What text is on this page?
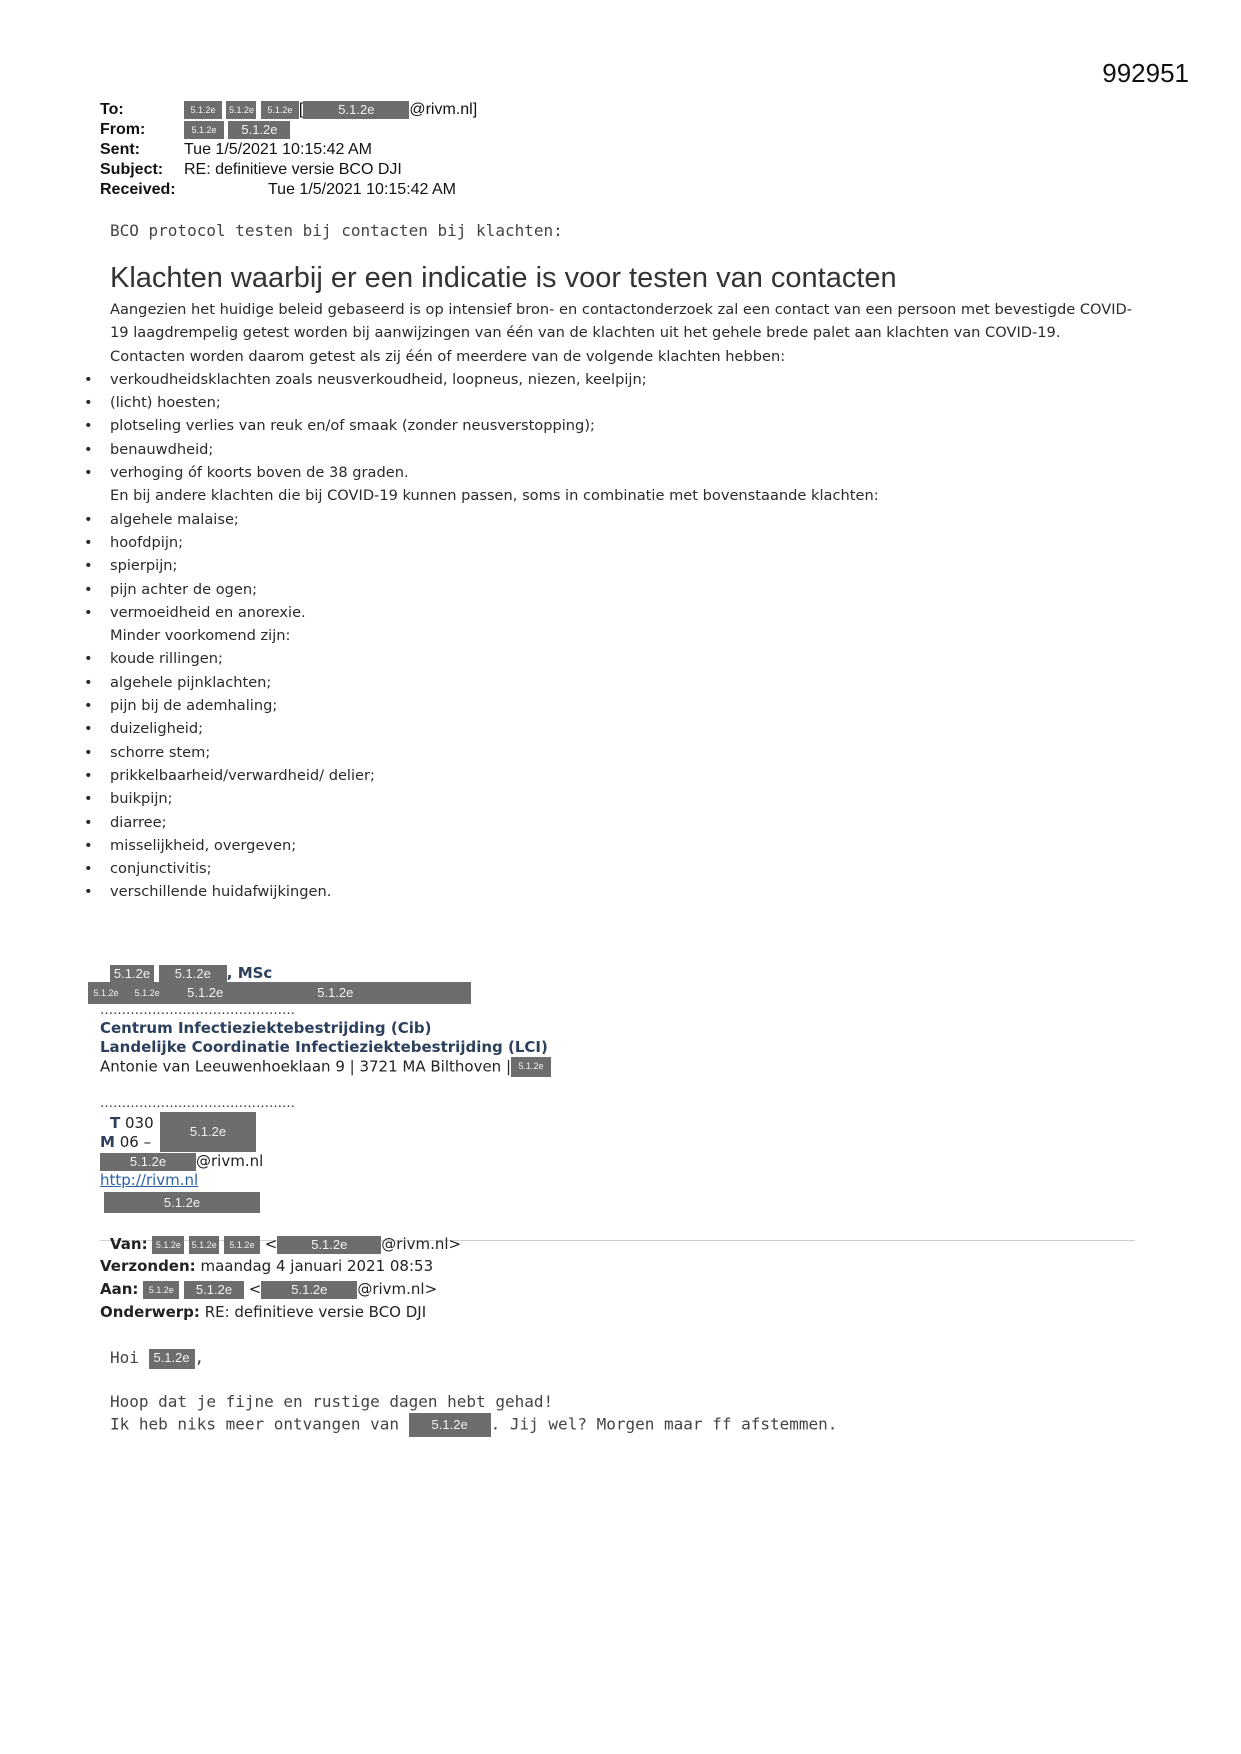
992951
To:	5.1.2e 5.1.2e 5.1.2e [	5.1.2e @rivm.nl]
From:	5.1.2e 5.1.2e
Sent:	Tue 1/5/2021 10:15:42 AM
Subject: RE: definitieve versie BCO DJI
Received:	Tue 1/5/2021 10:15:42 AM
BCO protocol testen bij contacten bij klachten:
Klachten waarbij er een indicatie is voor testen van contacten

Aangezien het huidige beleid gebaseerd is op intensief bron- en contactonderzoek zal een contact van een persoon met bevestigde COVID-19 laagdrempelig getest worden bij aanwijzingen van één van de klachten uit het gehele brede palet aan klachten van COVID-19.

Contacten worden daarom getest als zij één of meerdere van de volgende klachten hebben:

• verkoudheidsklachten zoals neusverkoudheid, loopneus, niezen, keelpijn;
• (licht) hoesten;
• plotseling verlies van reuk en/of smaak (zonder neusverstopping);
• benauwdheid;
• verhoging óf koorts boven de 38 graden.

En bij andere klachten die bij COVID-19 kunnen passen, soms in combinatie met bovenstaande klachten:

• algehele malaise;
• hoofdpijn;
• spierpijn;
• pijn achter de ogen;
• vermoeidheid en anorexie.

Minder voorkomend zijn:

• koude rillingen;
• algehele pijnklachten;
• pijn bij de ademhaling;
• duizeligheid;
• schorre stem;
• prikkelbaarheid/verwardheid/ delier;
• buikpijn;
• diarree;
• misselijkheid, overgeven;
• conjunctivitis;
• verschillende huidafwijkingen.
5.1.2e 5.1.2e , MSc
5.1.2e 5.1.2e 5.1.2e	5.1.2e
………………………………………
Centrum Infectieziektebestrijding (Cib)
Landelijke Coordinatie Infectieziektebestrijding (LCI)
Antonie van Leeuwenhoeklaan 9 | 3721 MA Bilthoven | 5.1.2e
………………………………………
T 030
M 06 –
5.1.2e
5.1.2e @rivm.nl
http://rivm.nl
5.1.2e
Van: 5.1.2e 5.1.2e 5.1.2e <	5.1.2e @rivm.nl>
Verzonden: maandag 4 januari 2021 08:53
Aan: 5.1.2e 5.1.2e < 5.1.2e @rivm.nl>
Onderwerp: RE: definitieve versie BCO DJI
Hoi 5.1.2e ,
Hoop dat je fijne en rustige dagen hebt gehad!
Ik heb niks meer ontvangen van	5.1.2e . Jij wel? Morgen maar ff afstemmen.
